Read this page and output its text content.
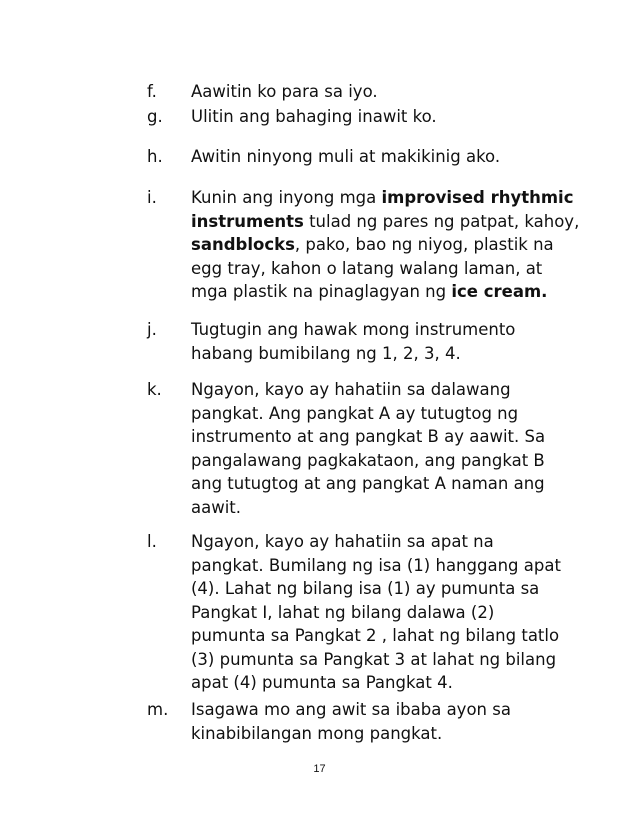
f. Aawitin ko para sa iyo.
g. Ulitin ang bahaging inawit ko.
h. Awitin ninyong muli at makikinig ako.
i. Kunin ang inyong mga improvised rhythmic
instruments tulad ng pares ng patpat, kahoy,
sandblocks, pako, bao ng niyog, plastik na
egg tray, kahon o latang walang laman, at
mga plastik na pinaglagyan ng ice cream.
j. Tugtugin ang hawak mong instrumento
habang bumibilang ng 1, 2, 3, 4.
k. Ngayon, kayo ay hahatiin sa dalawang
pangkat. Ang pangkat A ay tutugtog ng
instrumento at ang pangkat B ay aawit. Sa
pangalawang pagkakataon, ang pangkat B
ang tutugtog at ang pangkat A naman ang
aawit.
l. Ngayon, kayo ay hahatiin sa apat na
pangkat. Bumilang ng isa (1) hanggang apat
(4). Lahat ng bilang isa (1) ay pumunta sa
Pangkat I, lahat ng bilang dalawa (2)
pumunta sa Pangkat 2 , lahat ng bilang tatlo
(3) pumunta sa Pangkat 3 at lahat ng bilang
apat (4) pumunta sa Pangkat 4.
m. Isagawa mo ang awit sa ibaba ayon sa
kinabibilangan mong pangkat.
17
